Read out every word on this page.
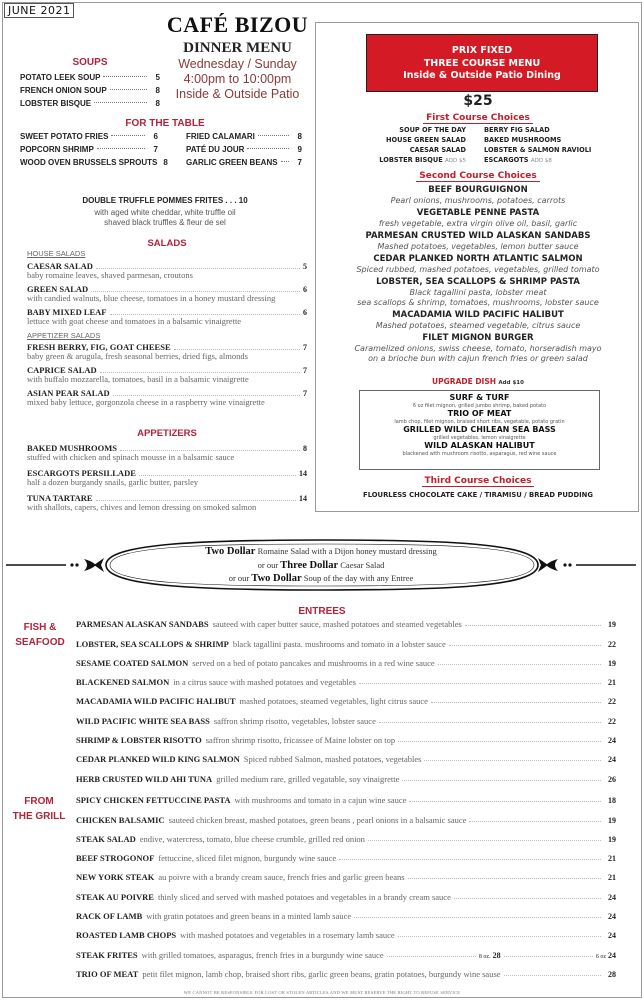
JUNE 2021
CAFÉ BIZOU
DINNER MENU
Wednesday / Sunday
4:00pm to 10:00pm
Inside & Outside Patio
SOUPS
POTATO LEEK SOUP	5
FRENCH ONION SOUP	8
LOBSTER BISQUE	8
FOR THE TABLE
SWEET POTATO FRIES	6
POPCORN SHRIMP	7
WOOD OVEN BRUSSELS SPROUTS 8
FRIED CALAMARI	8
PATÉ DU JOUR	9
GARLIC GREEN BEANS	7
DOUBLE TRUFFLE POMMES FRITES . . . 10
with aged white cheddar, white truffle oil
shaved black truffles & fleur de sel
SALADS
HOUSE SALADS
CAESAR SALAD	5
baby romaine leaves, shaved parmesan, croutons
GREEN SALAD	6
with candied walnuts, blue cheese, tomatoes in a honey mustard dressing
BABY MIXED LEAF	6
lettuce with goat cheese and tomatoes in a balsamic vinaigrette
APPETIZER SALADS
FRESH BERRY, FIG, GOAT CHEESE	7
baby green & arugula, fresh seasonal berries, dried figs, almonds
CAPRICE SALAD	7
with buffalo mozzarella, tomatoes, basil in a balsamic vinaigrette
ASIAN PEAR SALAD	7
mixed baby lettuce, gorgonzola cheese in a raspberry wine vinaigrette
APPETIZERS
BAKED MUSHROOMS	8
stuffed with chicken and spinach mousse in a balsamic sauce
ESCARGOTS PERSILLADE	14
half a dozen burgandy snails, garlic butter, parsley
TUNA TARTARE	14
with shallots, capers, chives and lemon dressing on smoked salmon
PRIX FIXED
THREE COURSE MENU
Inside & Outside Patio Dining
$25
First Course Choices
SOUP OF THE DAY	BERRY FIG SALAD
HOUSE GREEN SALAD	BAKED MUSHROOMS
CAESAR SALAD	LOBSTER & SALMON RAVIOLI
LOBSTER BISQUE ADD $5	ESCARGOTS ADD $8
Second Course Choices
BEEF BOURGUIGNON
Pearl onions, mushrooms, potatoes, carrots
VEGETABLE PENNE PASTA
fresh vegetable, extra virgin olive oil, basil, garlic
PARMESAN CRUSTED WILD ALASKAN SANDABS
Mashed potatoes, vegetables, lemon butter sauce
CEDAR PLANKED NORTH ATLANTIC SALMON
Spiced rubbed, mashed potatoes, vegetables, grilled tomato
LOBSTER, SEA SCALLOPS & SHRIMP PASTA
Black tagallini pasta, lobster meat
sea scallops & shrimp, tomatoes, mushrooms, lobster sauce
MACADAMIA WILD PACIFIC HALIBUT
Mashed potatoes, steamed vegetable, citrus sauce
FILET MIGNON BURGER
Caramelized onions, swiss cheese, tomato, horseradish mayo
on a brioche bun with cajun french fries or green salad
UPGRADE DISH Add $10
SURF & TURF
6 oz filet mignon, grilled jumbo shrimp, baked potato
TRIO OF MEAT
lamb chop, filet mignon, braised short ribs, vegetable, potato gratin
GRILLED WILD CHILEAN SEA BASS
grilled vegetables, lemon vinaigrette
WILD ALASKAN HALIBUT
blackened with mushroom risotto, asparagus, red wine sauce
Third Course Choices
FLOURLESS CHOCOLATE CAKE / TIRAMISU / BREAD PUDDING
Two Dollar Romaine Salad with a Dijon honey mustard dressing
or our Three Dollar Caesar Salad
or our Two Dollar Soup of the day with any Entree
ENTREES
FISH &
SEAFOOD
PARMESAN ALASKAN SANDABS sauteed with caper butter sauce, mashed potatoes and steamed vegetables	19
LOBSTER, SEA SCALLOPS & SHRIMP black tagallini pasta. mushrooms and tomato in a lobster sauce	22
SESAME COATED SALMON served on a bed of potato pancakes and mushrooms in a red wine sauce	19
BLACKENED SALMON in a citrus sauce with mashed potatoes and vegetables	21
MACADAMIA WILD PACIFIC HALIBUT mashed potatoes, steamed vegetables, light citrus sauce	22
WILD PACIFIC WHITE SEA BASS saffron shrimp risotto, vegetables, lobster sauce	22
SHRIMP & LOBSTER RISOTTO saffron shrimp risotto, fricassee of Maine lobster on top	24
CEDAR PLANKED WILD KING SALMON Spiced rubbed Salmon, mashed potatoes, vegetables	24
HERB CRUSTED WILD AHI TUNA grilled medium rare, grilled vegatable, soy vinaigrette	26
FROM
THE GRILL
SPICY CHICKEN FETTUCCINE PASTA with mushrooms and tomato in a cajun wine sauce	18
CHICKEN BALSAMIC sauteed chicken breast, mashed potatoes, green beans , pearl onions in a balsamic sauce	19
STEAK SALAD endive, watercress, tomato, blue cheese crumble, grilled red onion	19
BEEF STROGONOF fettuccine, sliced filet mignon, burgundy wine sauce	21
NEW YORK STEAK au poivre with a brandy cream sauce, french fries and garlic green beans	21
STEAK AU POIVRE thinly sliced and served with mashed potatoes and vegetables in a brandy cream sauce	24
RACK OF LAMB with gratin potatoes and green beans in a minted lamb sauce	24
ROASTED LAMB CHOPS with mashed potatoes and vegetables in a rosemary lamb sauce	24
STEAK FRITES with grilled tomatoes, asparagus, french fries in a burgundy wine sauce	8 oz. 28	6 oz 24
TRIO OF MEAT petit filet mignon, lamb chop, braised short ribs, garlic green beans, gratin potatoes, burgundy wine sause	28
WE CANNOT BE RESPONSIBLE FOR LOST OR STOLEN ARTICLES AND WE MUST RESERVE THE RIGHT TO REFUSE SERVICE
